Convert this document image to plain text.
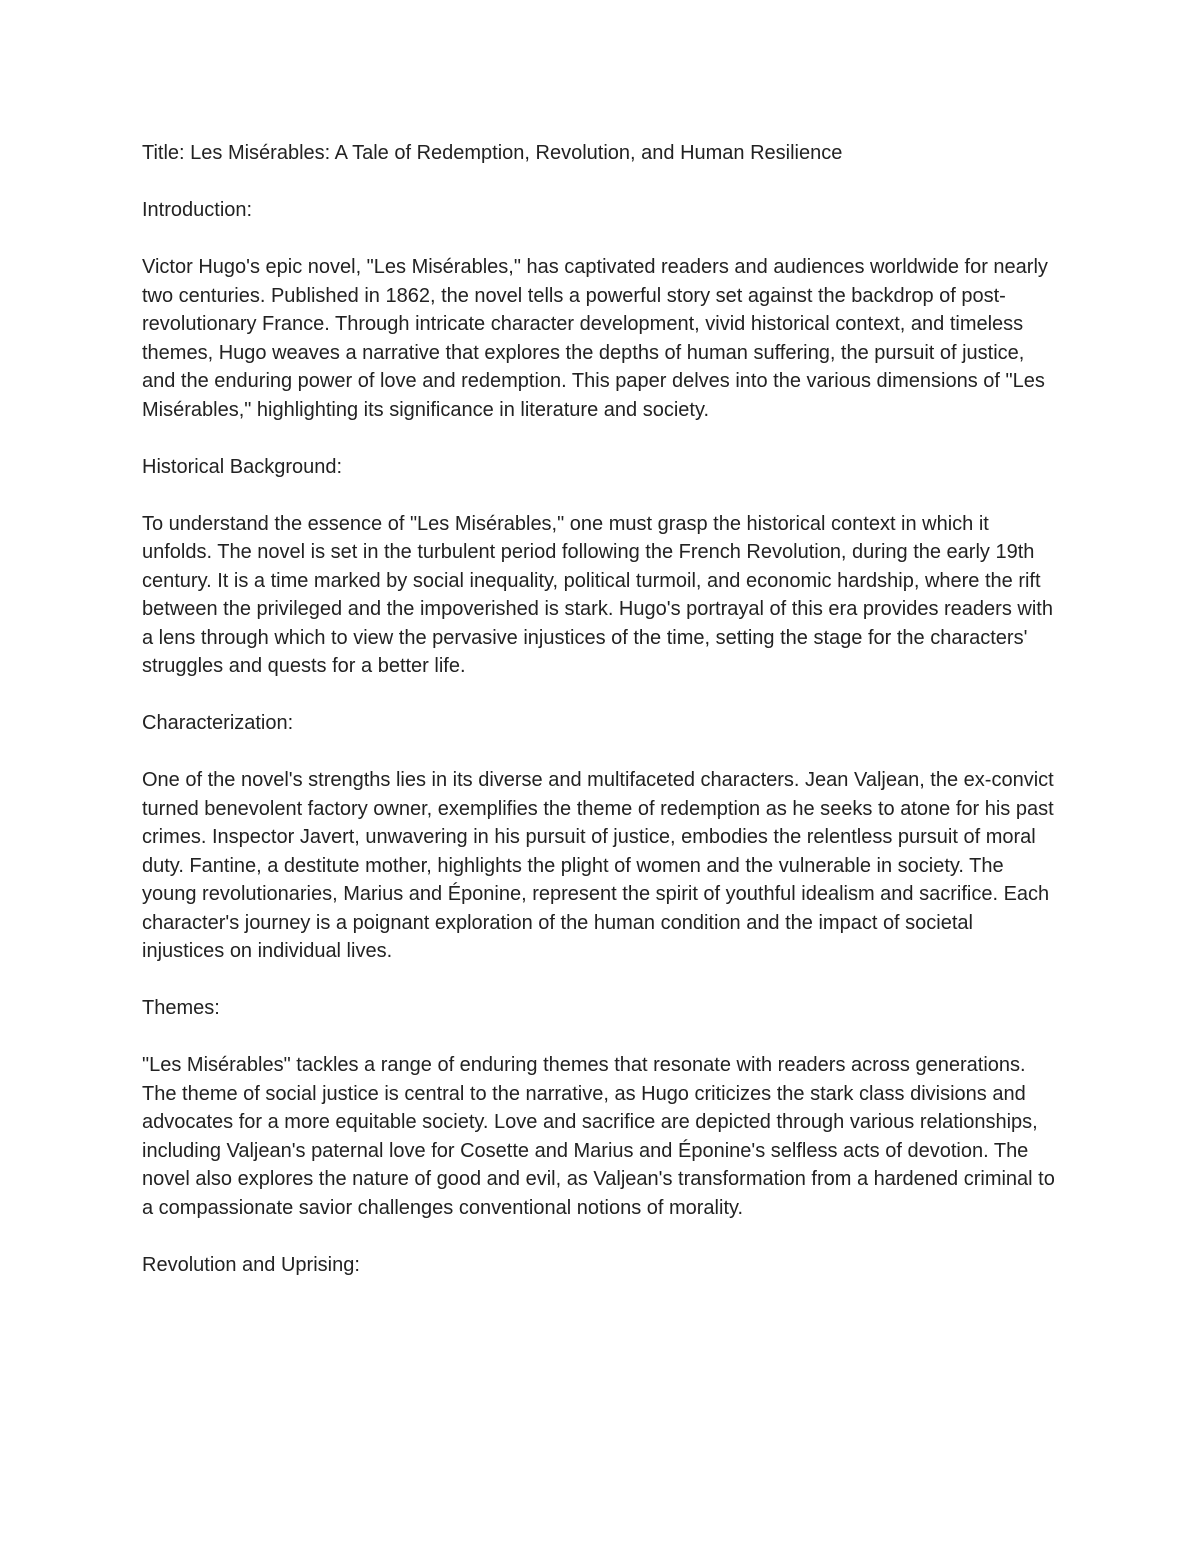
Title: Les Misérables: A Tale of Redemption, Revolution, and Human Resilience

Introduction:

Victor Hugo's epic novel, "Les Misérables," has captivated readers and audiences worldwide for nearly two centuries. Published in 1862, the novel tells a powerful story set against the backdrop of post-revolutionary France. Through intricate character development, vivid historical context, and timeless themes, Hugo weaves a narrative that explores the depths of human suffering, the pursuit of justice, and the enduring power of love and redemption. This paper delves into the various dimensions of "Les Misérables," highlighting its significance in literature and society.

Historical Background:

To understand the essence of "Les Misérables," one must grasp the historical context in which it unfolds. The novel is set in the turbulent period following the French Revolution, during the early 19th century. It is a time marked by social inequality, political turmoil, and economic hardship, where the rift between the privileged and the impoverished is stark. Hugo's portrayal of this era provides readers with a lens through which to view the pervasive injustices of the time, setting the stage for the characters' struggles and quests for a better life.

Characterization:

One of the novel's strengths lies in its diverse and multifaceted characters. Jean Valjean, the ex-convict turned benevolent factory owner, exemplifies the theme of redemption as he seeks to atone for his past crimes. Inspector Javert, unwavering in his pursuit of justice, embodies the relentless pursuit of moral duty. Fantine, a destitute mother, highlights the plight of women and the vulnerable in society. The young revolutionaries, Marius and Éponine, represent the spirit of youthful idealism and sacrifice. Each character's journey is a poignant exploration of the human condition and the impact of societal injustices on individual lives.

Themes:

"Les Misérables" tackles a range of enduring themes that resonate with readers across generations. The theme of social justice is central to the narrative, as Hugo criticizes the stark class divisions and advocates for a more equitable society. Love and sacrifice are depicted through various relationships, including Valjean's paternal love for Cosette and Marius and Éponine's selfless acts of devotion. The novel also explores the nature of good and evil, as Valjean's transformation from a hardened criminal to a compassionate savior challenges conventional notions of morality.

Revolution and Uprising:
